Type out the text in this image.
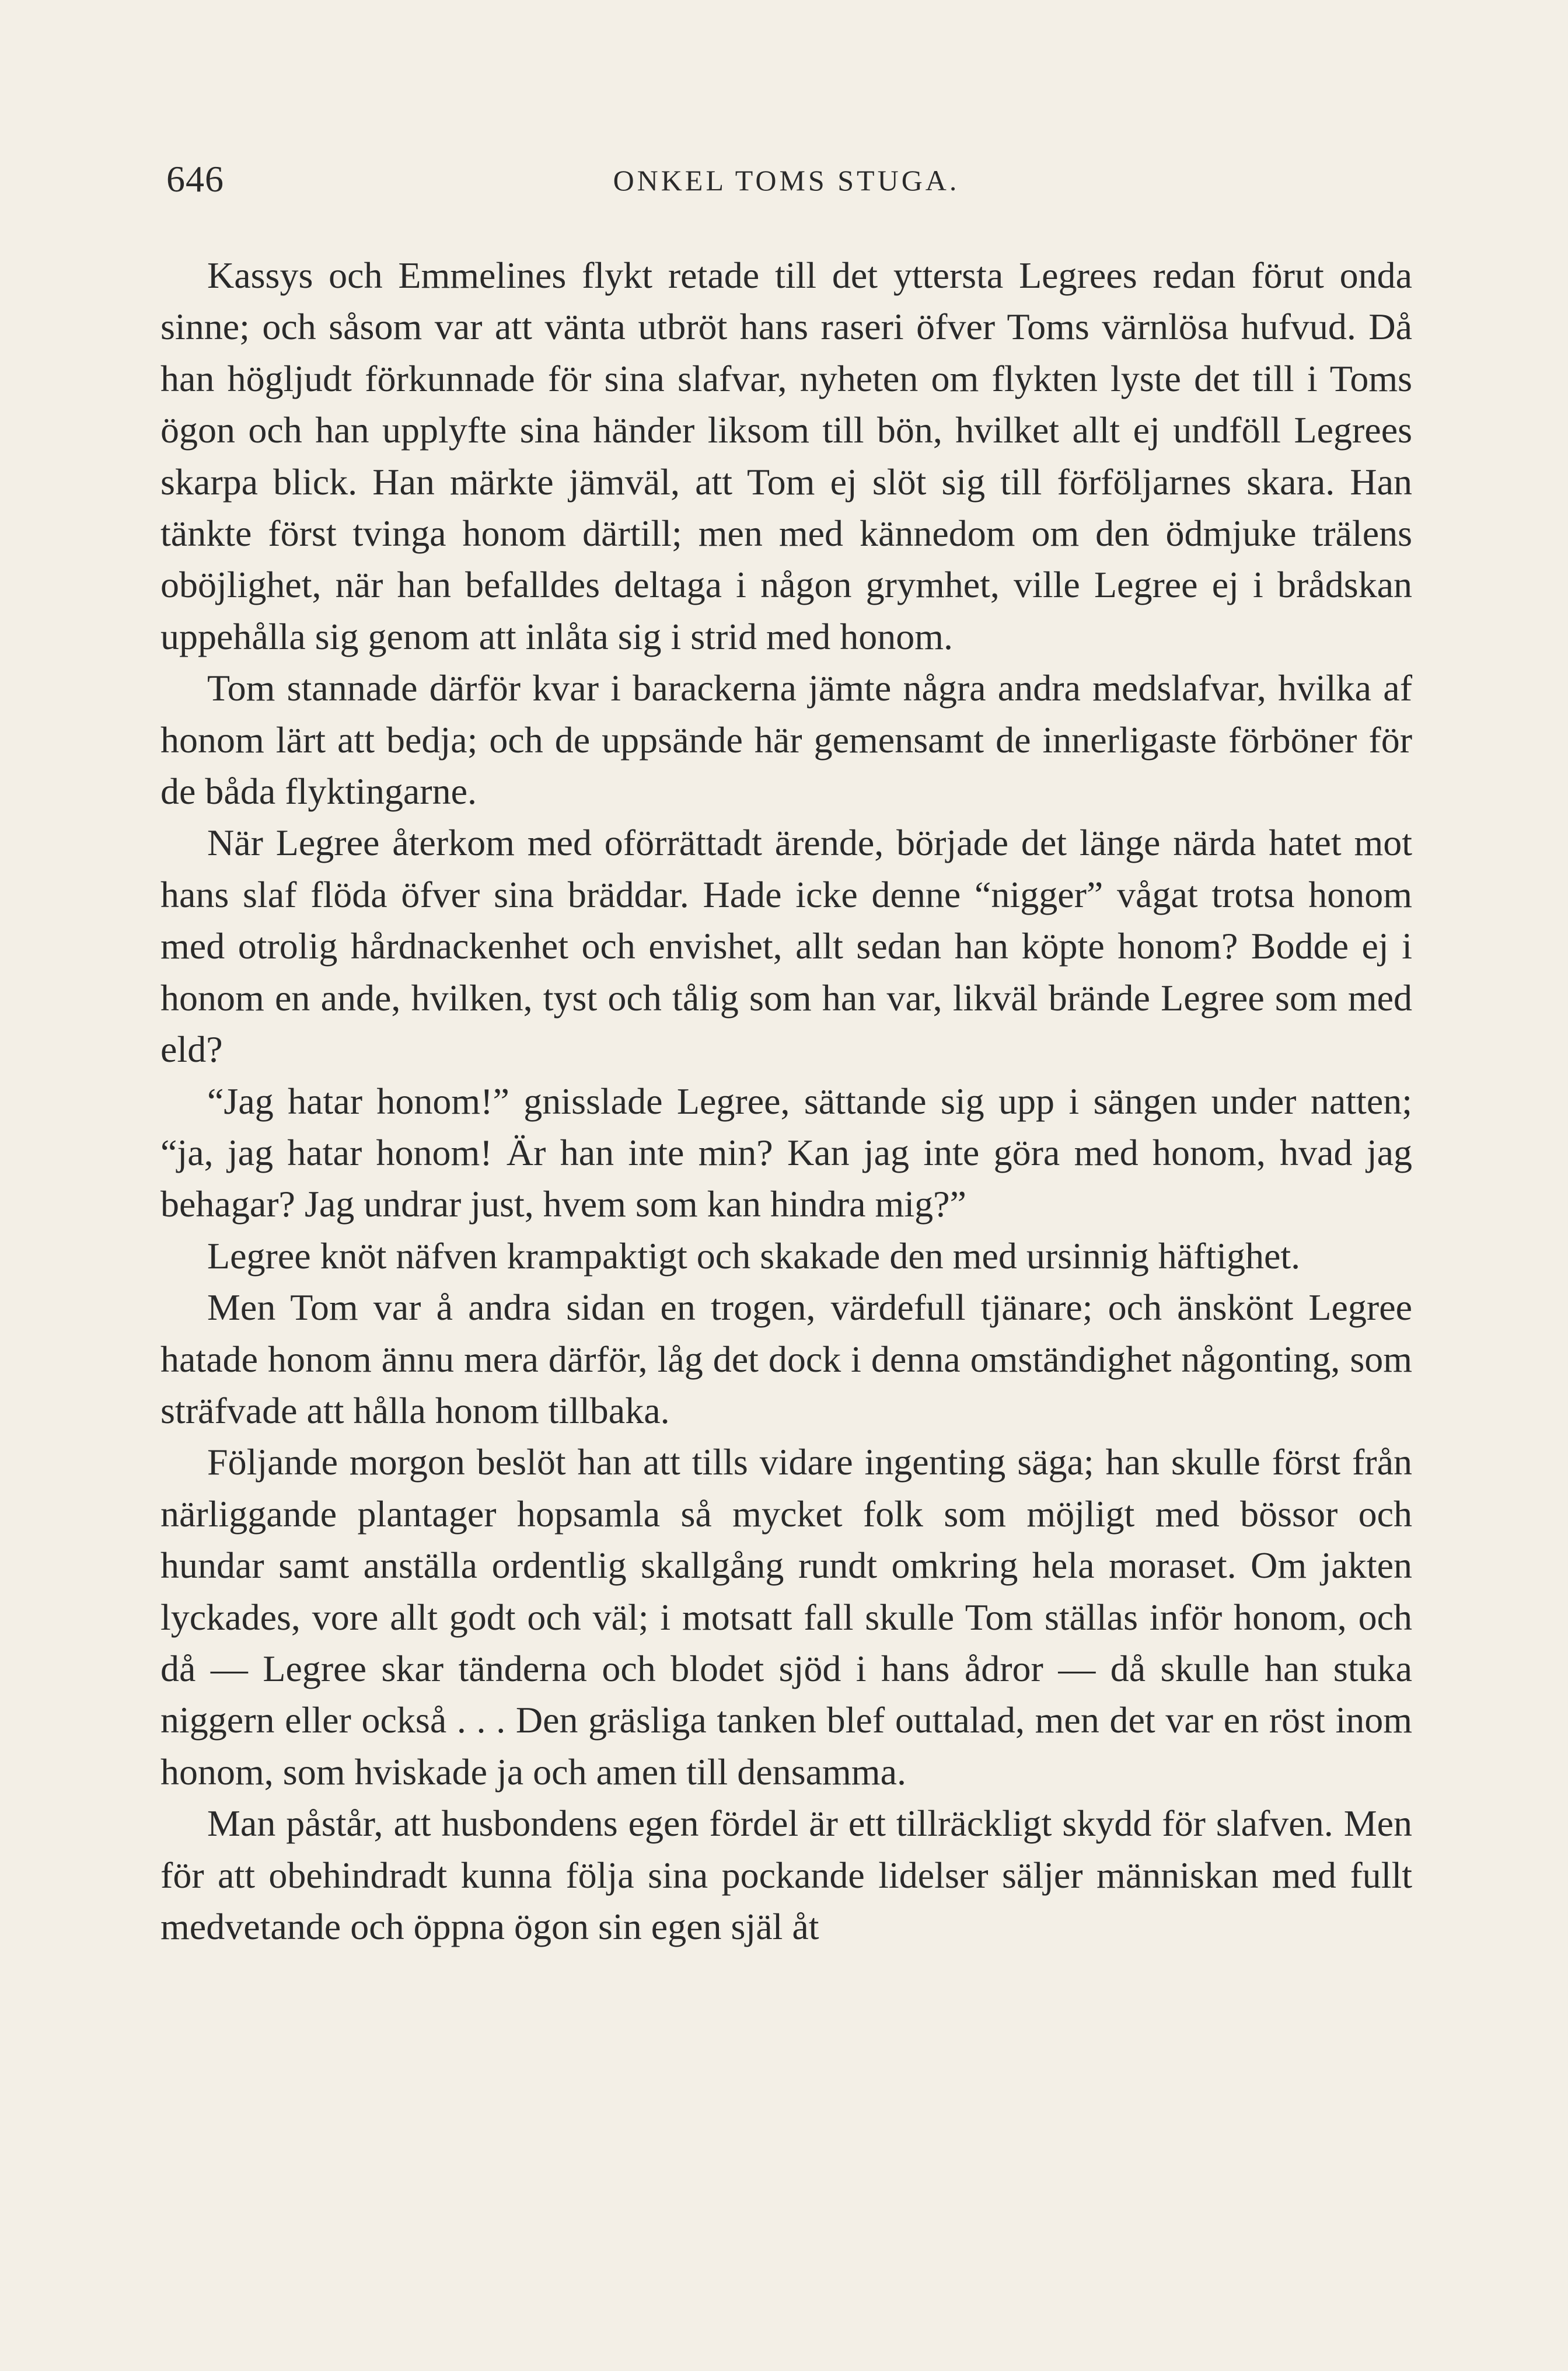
646	ONKEL TOMS STUGA.

Kassys och Emmelines flykt retade till det yttersta Legrees redan förut onda sinne; och såsom var att vänta utbröt hans raseri öfver Toms värnlösa hufvud. Då han högljudt förkunnade för sina slafvar, nyheten om flykten lyste det till i Toms ögon och han upplyfte sina händer liksom till bön, hvilket allt ej undföll Legrees skarpa blick. Han märkte jämväl, att Tom ej slöt sig till förföljarnes skara. Han tänkte först tvinga honom därtill; men med kännedom om den ödmjuke trälens oböjlighet, när han befalldes deltaga i någon grymhet, ville Legree ej i brådskan uppehålla sig genom att inlåta sig i strid med honom.

Tom stannade därför kvar i barackerna jämte några andra medslafvar, hvilka af honom lärt att bedja; och de uppsände här gemensamt de innerligaste förböner för de båda flyktingarne.

När Legree återkom med oförrättadt ärende, började det länge närda hatet mot hans slaf flöda öfver sina bräddar. Hade icke denne “nigger” vågat trotsa honom med otrolig hårdnackenhet och envishet, allt sedan han köpte honom? Bodde ej i honom en ande, hvilken, tyst och tålig som han var, likväl brände Legree som med eld?

“Jag hatar honom!” gnisslade Legree, sättande sig upp i sängen under natten; “ja, jag hatar honom! Är han inte min? Kan jag inte göra med honom, hvad jag behagar? Jag undrar just, hvem som kan hindra mig?”

Legree knöt näfven krampaktigt och skakade den med ursinnig häftighet.

Men Tom var å andra sidan en trogen, värdefull tjänare; och änskönt Legree hatade honom ännu mera därför, låg det dock i denna omständighet någonting, som sträfvade att hålla honom tillbaka.

Följande morgon beslöt han att tills vidare ingenting säga; han skulle först från närliggande plantager hopsamla så mycket folk som möjligt med bössor och hundar samt anställa ordentlig skallgång rundt omkring hela moraset. Om jakten lyckades, vore allt godt och väl; i motsatt fall skulle Tom ställas inför honom, och då — Legree skar tänderna och blodet sjöd i hans ådror — då skulle han stuka niggern eller också . . . Den gräsliga tanken blef outtalad, men det var en röst inom honom, som hviskade ja och amen till densamma.

Man påstår, att husbondens egen fördel är ett tillräckligt skydd för slafven. Men för att obehindradt kunna följa sina pockande lidelser säljer människan med fullt medvetande och öppna ögon sin egen själ åt
